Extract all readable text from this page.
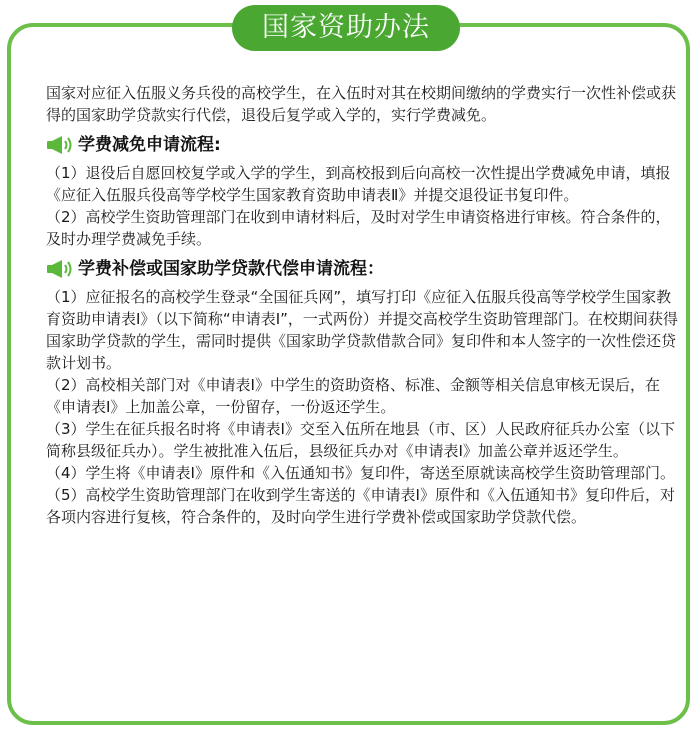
国家资助办法

国家对应征入伍服义务兵役的高校学生，在入伍时对其在校期间缴纳的学费实行一次性补偿或获得的国家助学贷款实行代偿，退役后复学或入学的，实行学费减免。

学费减免申请流程:

（1）退役后自愿回校复学或入学的学生，到高校报到后向高校一次性提出学费减免申请，填报《应征入伍服兵役高等学校学生国家教育资助申请表Ⅱ》并提交退役证书复印件。

（2）高校学生资助管理部门在收到申请材料后，及时对学生申请资格进行审核。符合条件的，及时办理学费减免手续。

学费补偿或国家助学贷款代偿申请流程：

（1）应征报名的高校学生登录“全国征兵网”，填写打印《应征入伍服兵役高等学校学生国家教育资助申请表Ⅰ》（以下简称“申请表Ⅰ”，一式两份）并提交高校学生资助管理部门。在校期间获得国家助学贷款的学生，需同时提供《国家助学贷款借款合同》复印件和本人签字的一次性偿还贷款计划书。

（2）高校相关部门对《申请表Ⅰ》中学生的资助资格、标准、金额等相关信息审核无误后，在《申请表Ⅰ》上加盖公章，一份留存，一份返还学生。

（3）学生在征兵报名时将《申请表Ⅰ》交至入伍所在地县（市、区）人民政府征兵办公室（以下简称县级征兵办）。学生被批准入伍后，县级征兵办对《申请表Ⅰ》加盖公章并返还学生。

（4）学生将《申请表Ⅰ》原件和《入伍通知书》复印件，寄送至原就读高校学生资助管理部门。

（5）高校学生资助管理部门在收到学生寄送的《申请表Ⅰ》原件和《入伍通知书》复印件后，对各项内容进行复核，符合条件的，及时向学生进行学费补偿或国家助学贷款代偿。
